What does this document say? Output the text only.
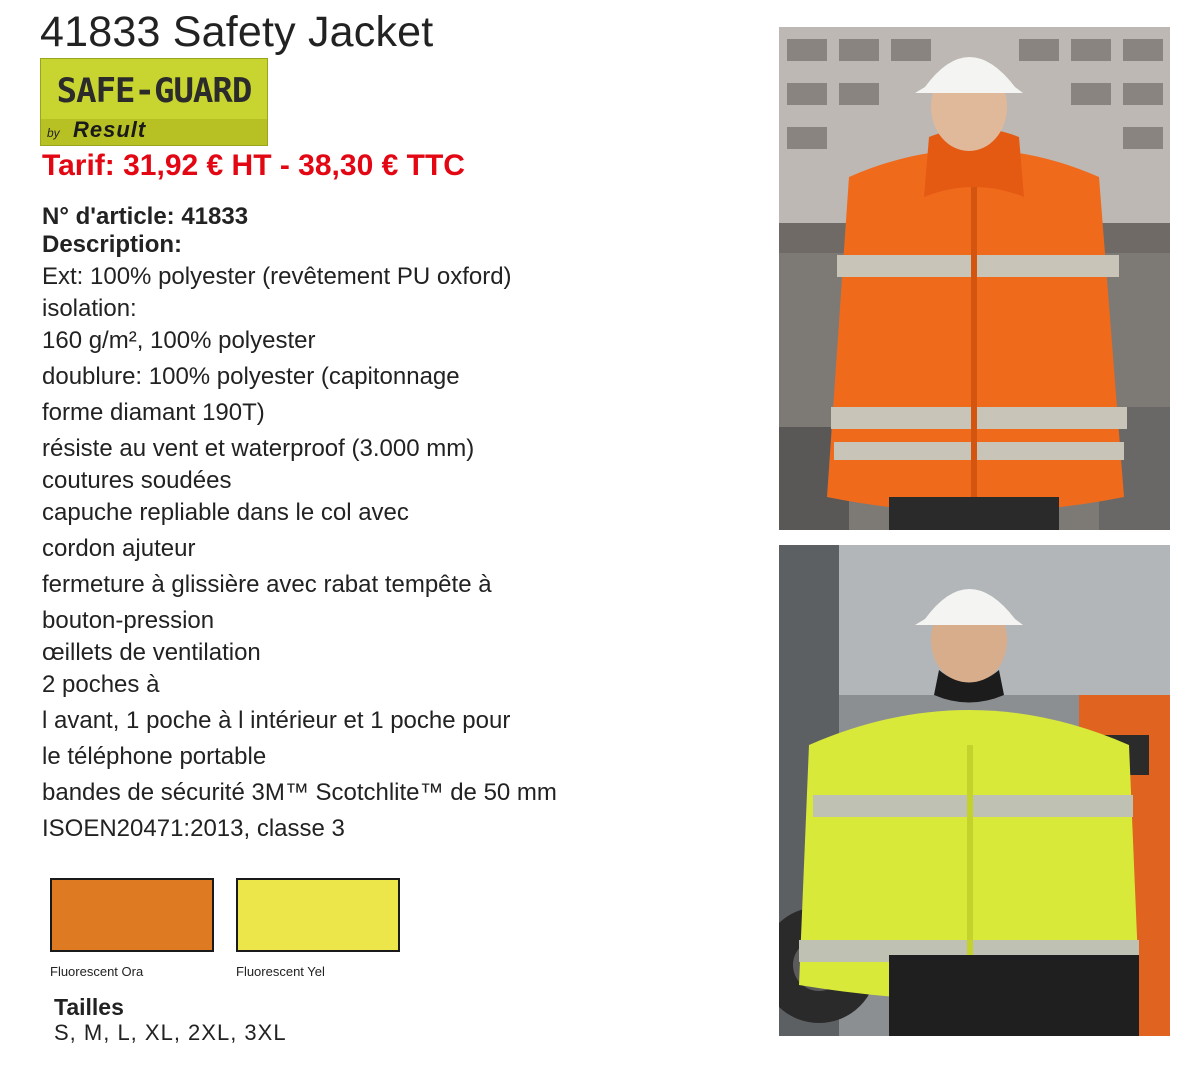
41833 Safety Jacket
SAFE-GUARD
by Result
Tarif: 31,92 € HT - 38,30 € TTC
N° d'article: 41833
Description:
Ext: 100% polyester (revêtement PU oxford)
isolation:
160 g/m², 100% polyester
doublure: 100% polyester (capitonnage
forme diamant 190T)
résiste au vent et waterproof (3.000 mm)
coutures soudées
capuche repliable dans le col avec
cordon ajuteur
fermeture à glissière avec rabat tempête à
bouton-pression
œillets de ventilation
2 poches à
l avant, 1 poche à l intérieur et 1 poche pour
le téléphone portable
bandes de sécurité 3M™ Scotchlite™ de 50 mm
ISOEN20471:2013, classe 3
Fluorescent Ora	Fluorescent Yel
Tailles
S, M, L, XL, 2XL, 3XL
